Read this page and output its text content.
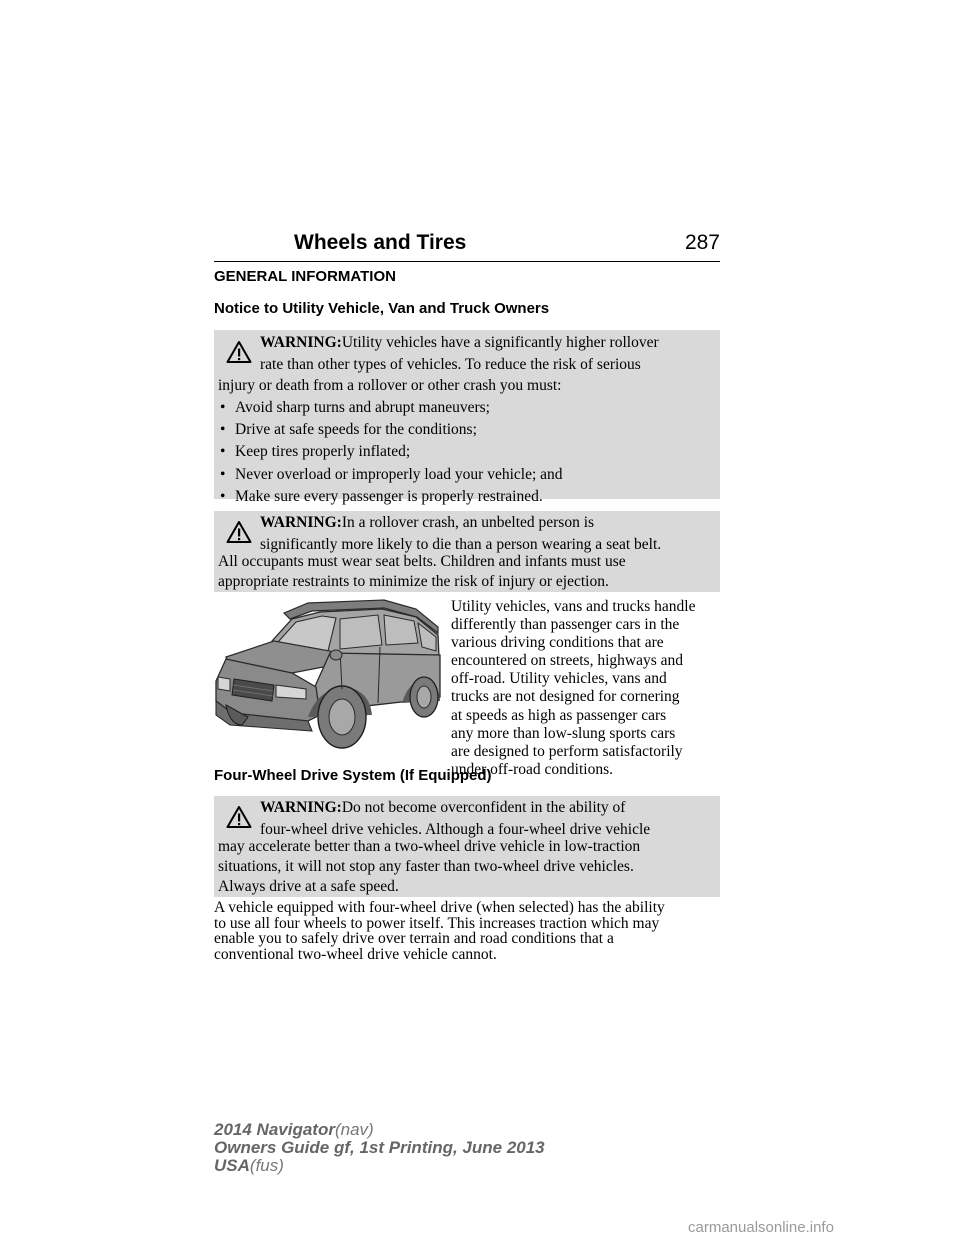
Wheels and Tires	287
GENERAL INFORMATION
Notice to Utility Vehicle, Van and Truck Owners
WARNING:Utility vehicles have a significantly higher rollover
rate than other types of vehicles. To reduce the risk of serious
injury or death from a rollover or other crash you must:
• Avoid sharp turns and abrupt maneuvers;
• Drive at safe speeds for the conditions;
• Keep tires properly inflated;
• Never overload or improperly load your vehicle; and
• Make sure every passenger is properly restrained.
WARNING:In a rollover crash, an unbelted person is
significantly more likely to die than a person wearing a seat belt.
All occupants must wear seat belts. Children and infants must use
appropriate restraints to minimize the risk of injury or ejection.
Utility vehicles, vans and trucks handle
differently than passenger cars in the
various driving conditions that are
encountered on streets, highways and
off-road. Utility vehicles, vans and
trucks are not designed for cornering
at speeds as high as passenger cars
any more than low-slung sports cars
are designed to perform satisfactorily
under off-road conditions.
Four-Wheel Drive System (If Equipped)
WARNING:Do not become overconfident in the ability of
four-wheel drive vehicles. Although a four-wheel drive vehicle
may accelerate better than a two-wheel drive vehicle in low-traction
situations, it will not stop any faster than two-wheel drive vehicles.
Always drive at a safe speed.
A vehicle equipped with four-wheel drive (when selected) has the ability
to use all four wheels to power itself. This increases traction which may
enable you to safely drive over terrain and road conditions that a
conventional two-wheel drive vehicle cannot.
2014 Navigator(nav)
Owners Guide gf, 1st Printing, June 2013
USA(fus)
carmanualsonline.info
